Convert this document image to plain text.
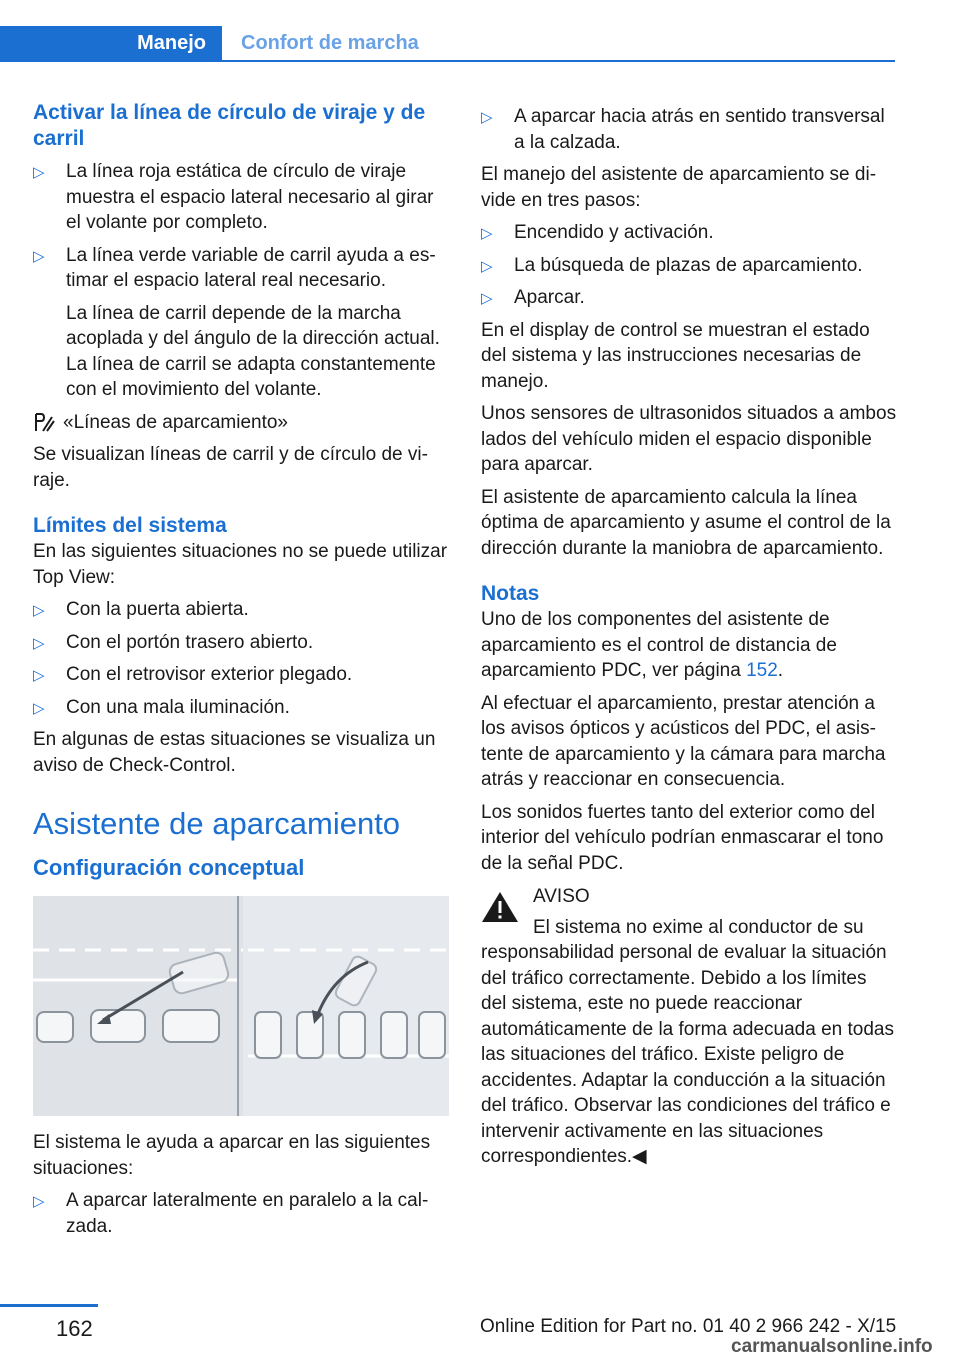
Manejo	Confort de marcha
Activar la línea de círculo de viraje y de carril
▷	La línea roja estática de círculo de viraje muestra el espacio lateral necesario al girar el volante por completo.
▷	La línea verde variable de carril ayuda a estimar el espacio lateral real necesario.

La línea de carril depende de la marcha acoplada y del ángulo de la dirección actual. La línea de carril se adapta constantemente con el movimiento del volante.

«Líneas de aparcamiento»

Se visualizan líneas de carril y de círculo de viraje.

Límites del sistema

En las siguientes situaciones no se puede utilizar Top View:

▷	Con la puerta abierta.
▷	Con el portón trasero abierto.
▷	Con el retrovisor exterior plegado.
▷	Con una mala iluminación.

En algunas de estas situaciones se visualiza un aviso de Check-Control.

Asistente de aparcamiento
Configuración conceptual

El sistema le ayuda a aparcar en las siguientes situaciones:

▷	A aparcar lateralmente en paralelo a la calzada.
▷	A aparcar hacia atrás en sentido transversal a la calzada.

El manejo del asistente de aparcamiento se divide en tres pasos:

▷	Encendido y activación.
▷	La búsqueda de plazas de aparcamiento.
▷	Aparcar.

En el display de control se muestran el estado del sistema y las instrucciones necesarias de manejo.

Unos sensores de ultrasonidos situados a ambos lados del vehículo miden el espacio disponible para aparcar.

El asistente de aparcamiento calcula la línea óptima de aparcamiento y asume el control de la dirección durante la maniobra de aparcamiento.

Notas

Uno de los componentes del asistente de aparcamiento es el control de distancia de aparcamiento PDC, ver página 152.

Al efectuar el aparcamiento, prestar atención a los avisos ópticos y acústicos del PDC, el asistente de aparcamiento y la cámara para marcha atrás y reaccionar en consecuencia.

Los sonidos fuertes tanto del exterior como del interior del vehículo podrían enmascarar el tono de la señal PDC.

AVISO

El sistema no exime al conductor de su

responsabilidad personal de evaluar la situación del tráfico correctamente. Debido a los límites del sistema, este no puede reaccionar automáticamente de la forma adecuada en todas las situaciones del tráfico. Existe peligro de accidentes. Adaptar la conducción a la situación del tráfico. Observar las condiciones del tráfico e intervenir activamente en las situaciones correspondientes.◀

162	Online Edition for Part no. 01 40 2 966 242 - X/15
carmanualsonline.info
